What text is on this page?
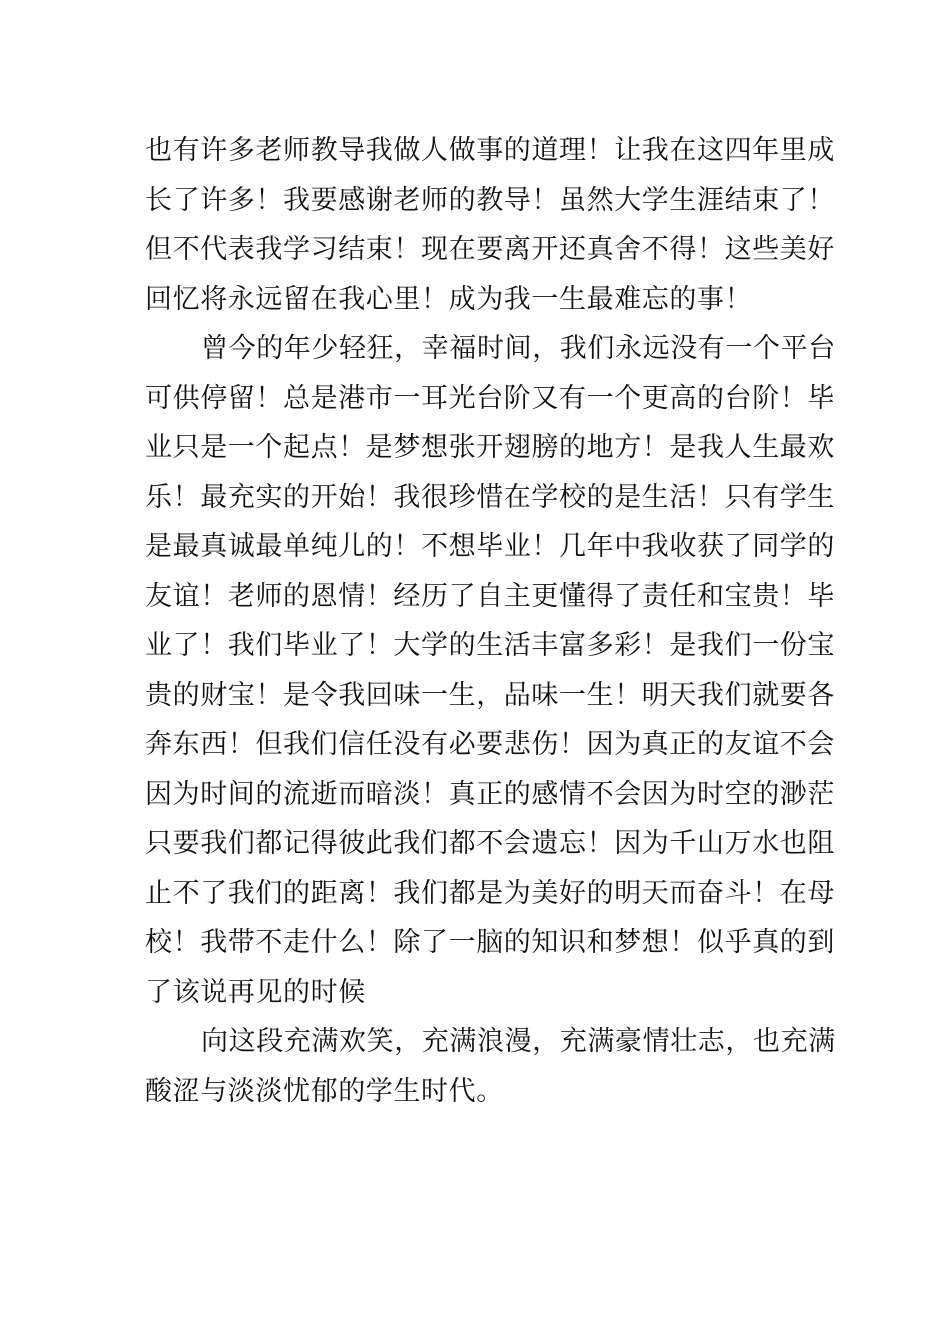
也有许多老师教导我做人做事的道理！让我在这四年里成
长了许多！我要感谢老师的教导！虽然大学生涯结束了！
但不代表我学习结束！现在要离开还真舍不得！这些美好
回忆将永远留在我心里！成为我一生最难忘的事！
曾今的年少轻狂，幸福时间，我们永远没有一个平台
可供停留！总是港市一耳光台阶又有一个更高的台阶！毕
业只是一个起点！是梦想张开翅膀的地方！是我人生最欢
乐！最充实的开始！我很珍惜在学校的是生活！只有学生
是最真诚最单纯儿的！不想毕业！几年中我收获了同学的
友谊！老师的恩情！经历了自主更懂得了责任和宝贵！毕
业了！我们毕业了！大学的生活丰富多彩！是我们一份宝
贵的财宝！是令我回味一生，品味一生！明天我们就要各
奔东西！但我们信任没有必要悲伤！因为真正的友谊不会
因为时间的流逝而暗淡！真正的感情不会因为时空的渺茫
只要我们都记得彼此我们都不会遗忘！因为千山万水也阻
止不了我们的距离！我们都是为美好的明天而奋斗！在母
校！我带不走什么！除了一脑的知识和梦想！似乎真的到
了该说再见的时候
向这段充满欢笑，充满浪漫，充满豪情壮志，也充满
酸涩与淡淡忧郁的学生时代。
